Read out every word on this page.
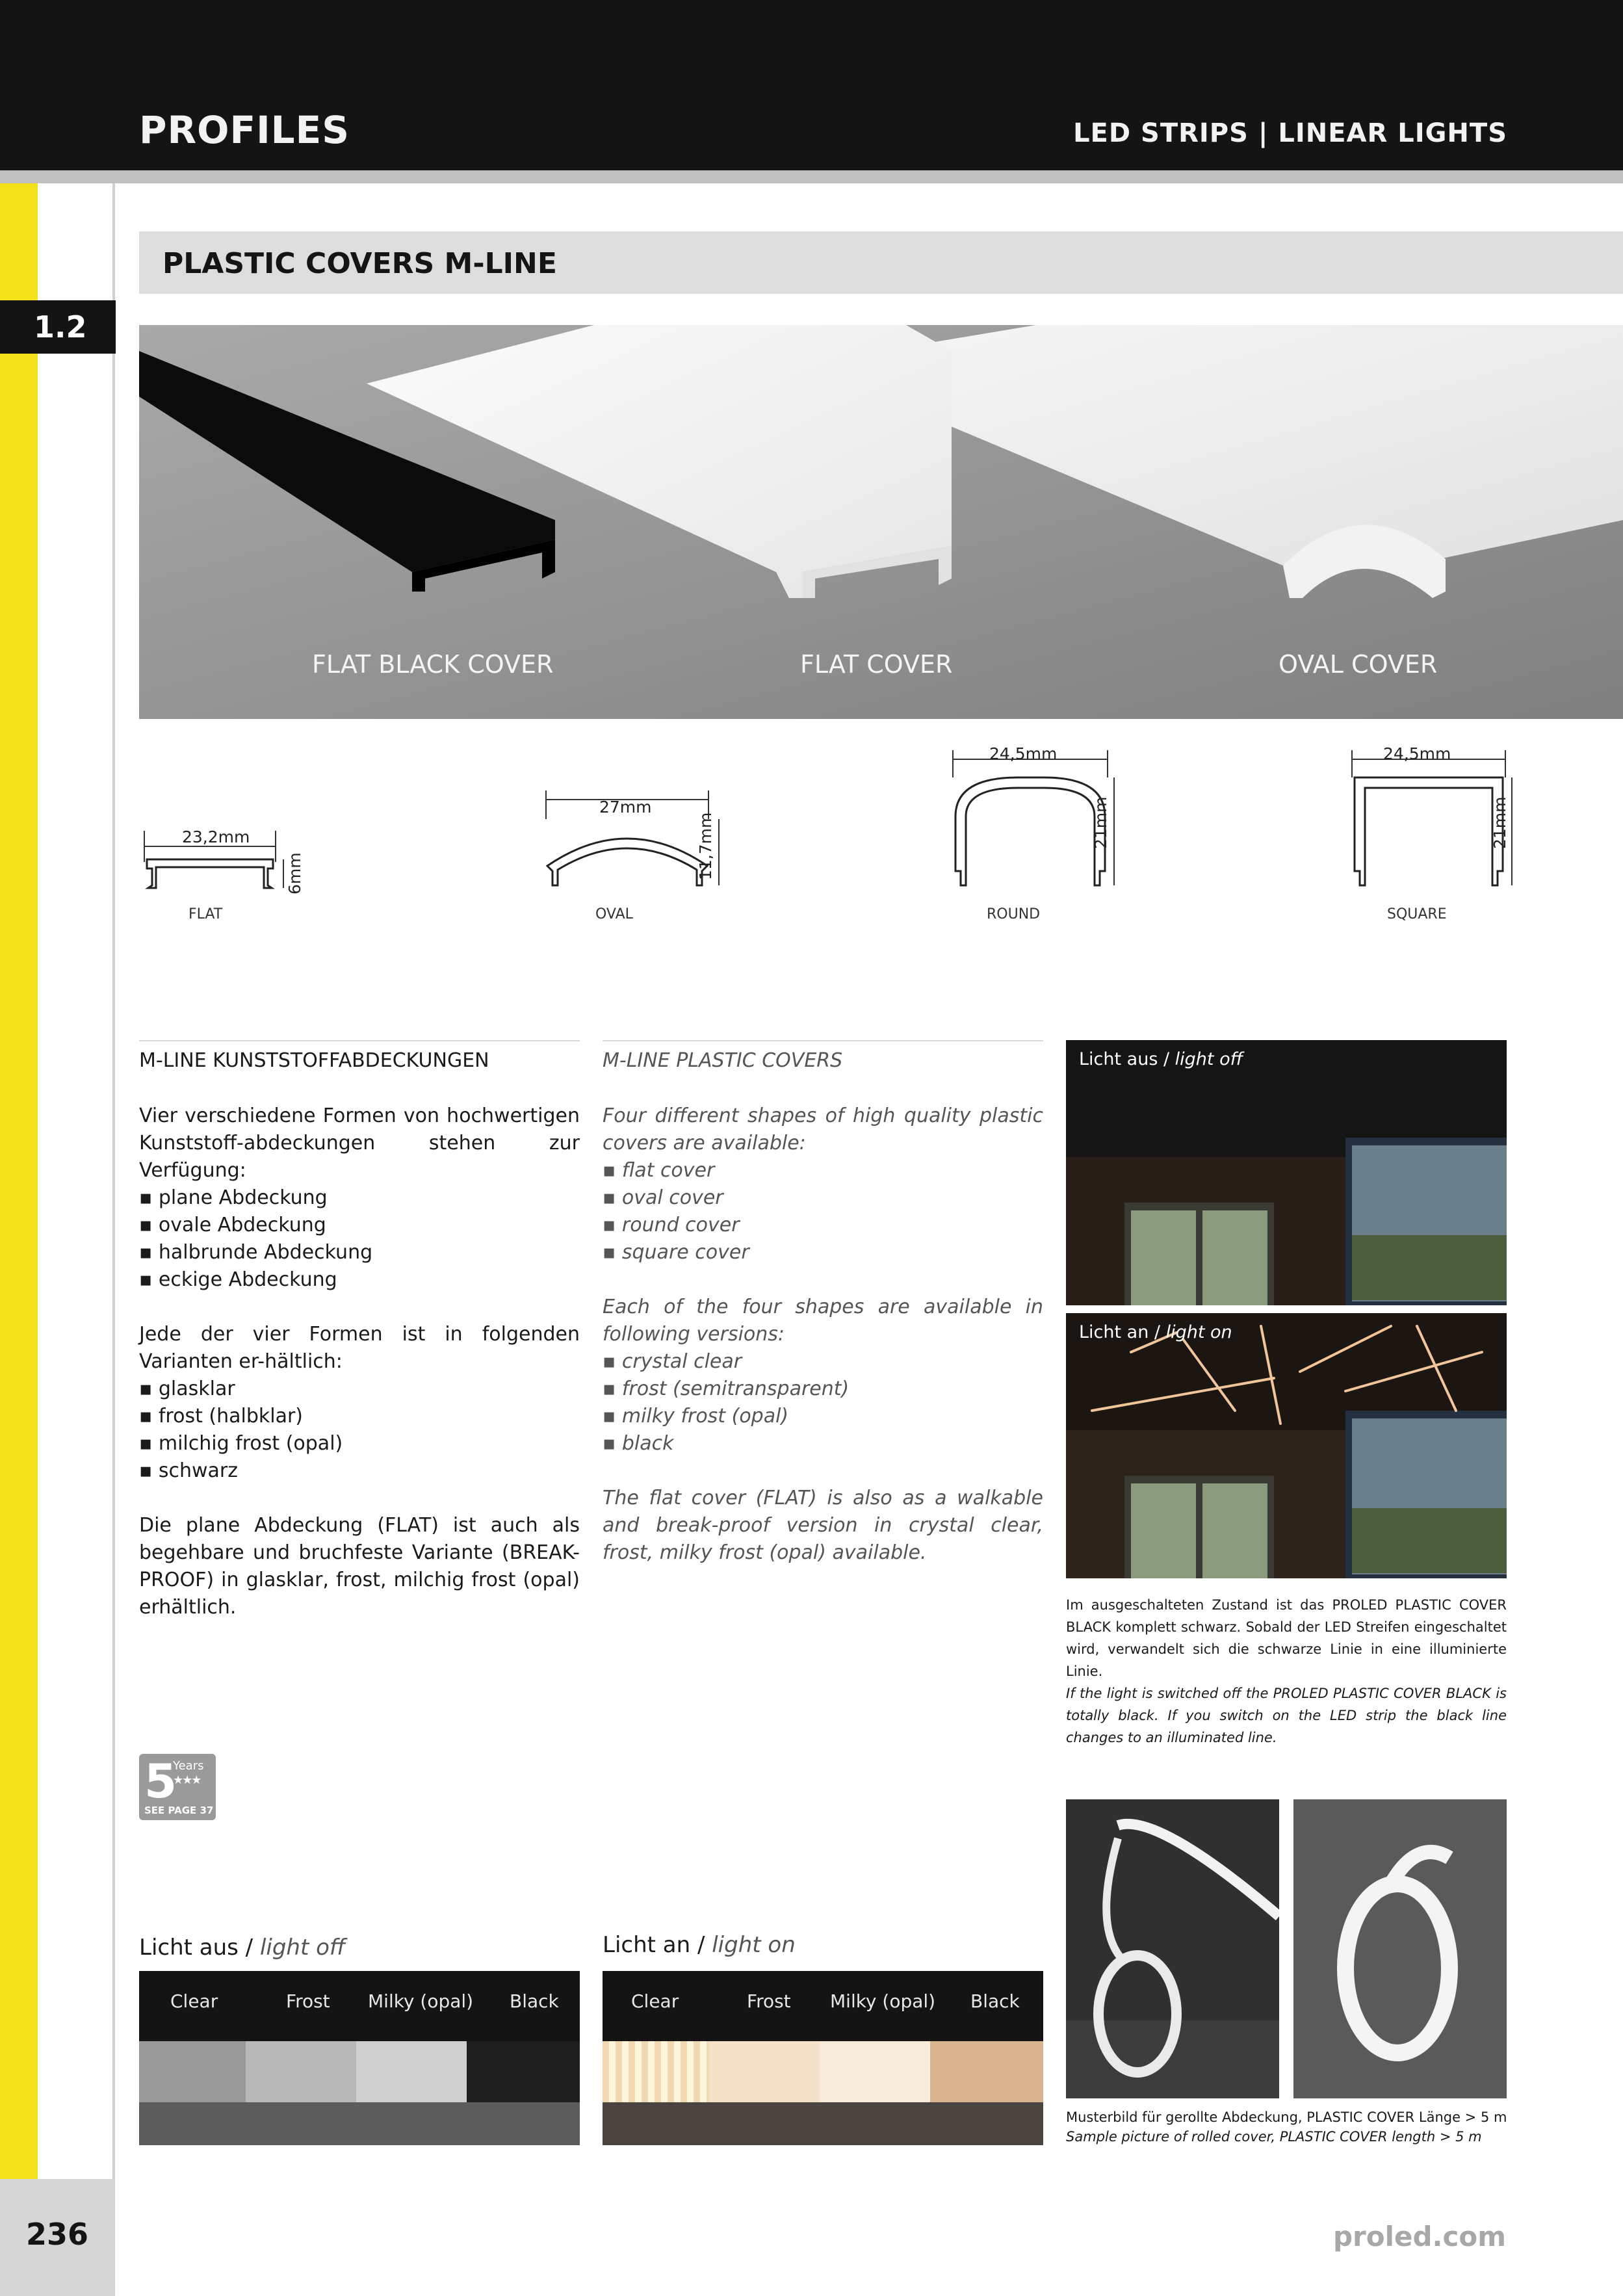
PROFILES	LED STRIPS | LINEAR LIGHTS
1.2
PLASTIC COVERS M-LINE
FLAT BLACK COVER	FLAT COVER	OVAL COVER
23,2mm
6mm
27mm
11,7mm
24,5mm
21mm
24,5mm
21mm
FLAT	OVAL	ROUND	SQUARE
M-LINE KUNSTSTOFFABDECKUNGEN

Vier verschiedene Formen von hochwertigen Kunststoff-abdeckungen stehen zur Verfügung:

▪ plane Abdeckung
▪ ovale Abdeckung
▪ halbrunde Abdeckung
▪ eckige Abdeckung

Jede der vier Formen ist in folgenden Varianten er-hältlich:

▪ glasklar
▪ frost (halbklar)
▪ milchig frost (opal)
▪ schwarz

Die plane Abdeckung (FLAT) ist auch als begehbare und bruchfeste Variante (BREAK-PROOF) in glasklar, frost, milchig frost (opal) erhältlich.

M-LINE PLASTIC COVERS

Four different shapes of high quality plastic covers are available:

▪ flat cover
▪ oval cover
▪ round cover
▪ square cover

Each of the four shapes are available in following versions:

▪ crystal clear
▪ frost (semitransparent)
▪ milky frost (opal)
▪ black

The flat cover (FLAT) is also as a walkable and break-proof version in crystal clear, frost, milky frost (opal) available.

Licht aus / light off
Licht an / light on
Im ausgeschalteten Zustand ist das PROLED PLASTIC COVER BLACK komplett schwarz. Sobald der LED Streifen eingeschaltet wird, verwandelt sich die schwarze Linie in eine illuminierte Linie.
If the light is switched off the PROLED PLASTIC COVER BLACK is totally black. If you switch on the LED strip the black line changes to an illuminated line.
5
Years
★★★
SEE PAGE 37
Licht aus / light off
Clear	Frost Milky (opal) Black
Licht an / light on
Clear	Frost Milky (opal) Black
Musterbild für gerollte Abdeckung, PLASTIC COVER Länge > 5 m
Sample picture of rolled cover, PLASTIC COVER length > 5 m
236	proled.com
